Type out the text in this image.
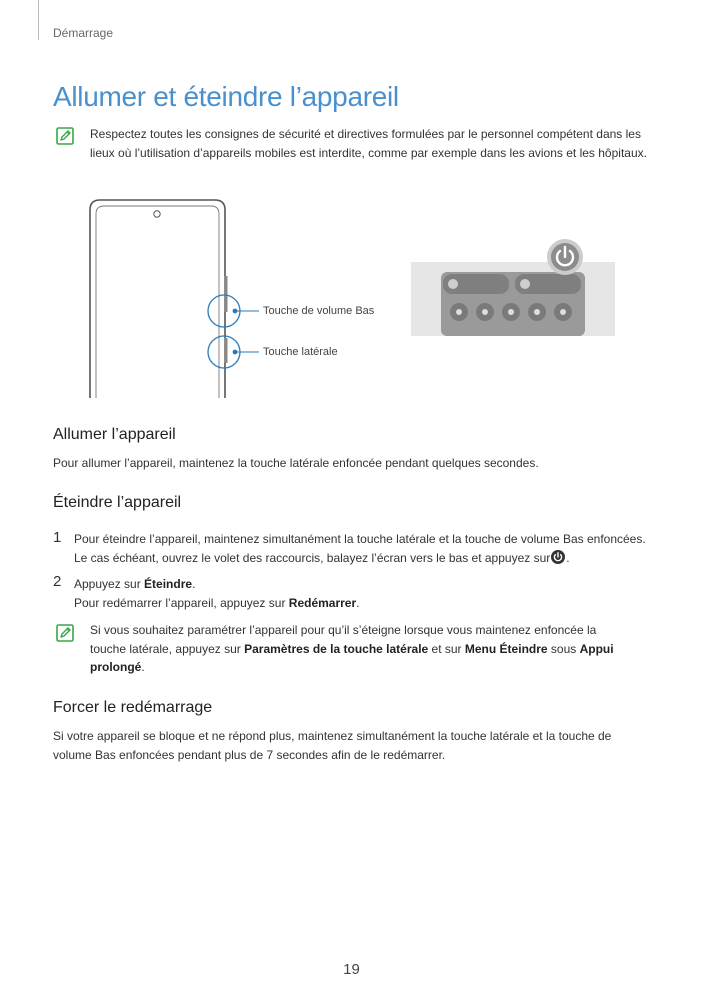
Démarrage
Allumer et éteindre l’appareil
Respectez toutes les consignes de sécurité et directives formulées par le personnel compétent dans les lieux où l’utilisation d’appareils mobiles est interdite, comme par exemple dans les avions et les hôpitaux.
Touche de volume Bas
Touche latérale
Allumer l’appareil
Pour allumer l’appareil, maintenez la touche latérale enfoncée pendant quelques secondes.
Éteindre l’appareil
1 Pour éteindre l’appareil, maintenez simultanément la touche latérale et la touche de volume Bas enfoncées. Le cas échéant, ouvrez le volet des raccourcis, balayez l’écran vers le bas et appuyez sur .
2 Appuyez sur Éteindre.
Pour redémarrer l’appareil, appuyez sur Redémarrer.
Si vous souhaitez paramétrer l’appareil pour qu’il s’éteigne lorsque vous maintenez enfoncée la touche latérale, appuyez sur Paramètres de la touche latérale et sur Menu Éteindre sous Appui prolongé.
Forcer le redémarrage
Si votre appareil se bloque et ne répond plus, maintenez simultanément la touche latérale et la touche de volume Bas enfoncées pendant plus de 7 secondes afin de le redémarrer.
19
